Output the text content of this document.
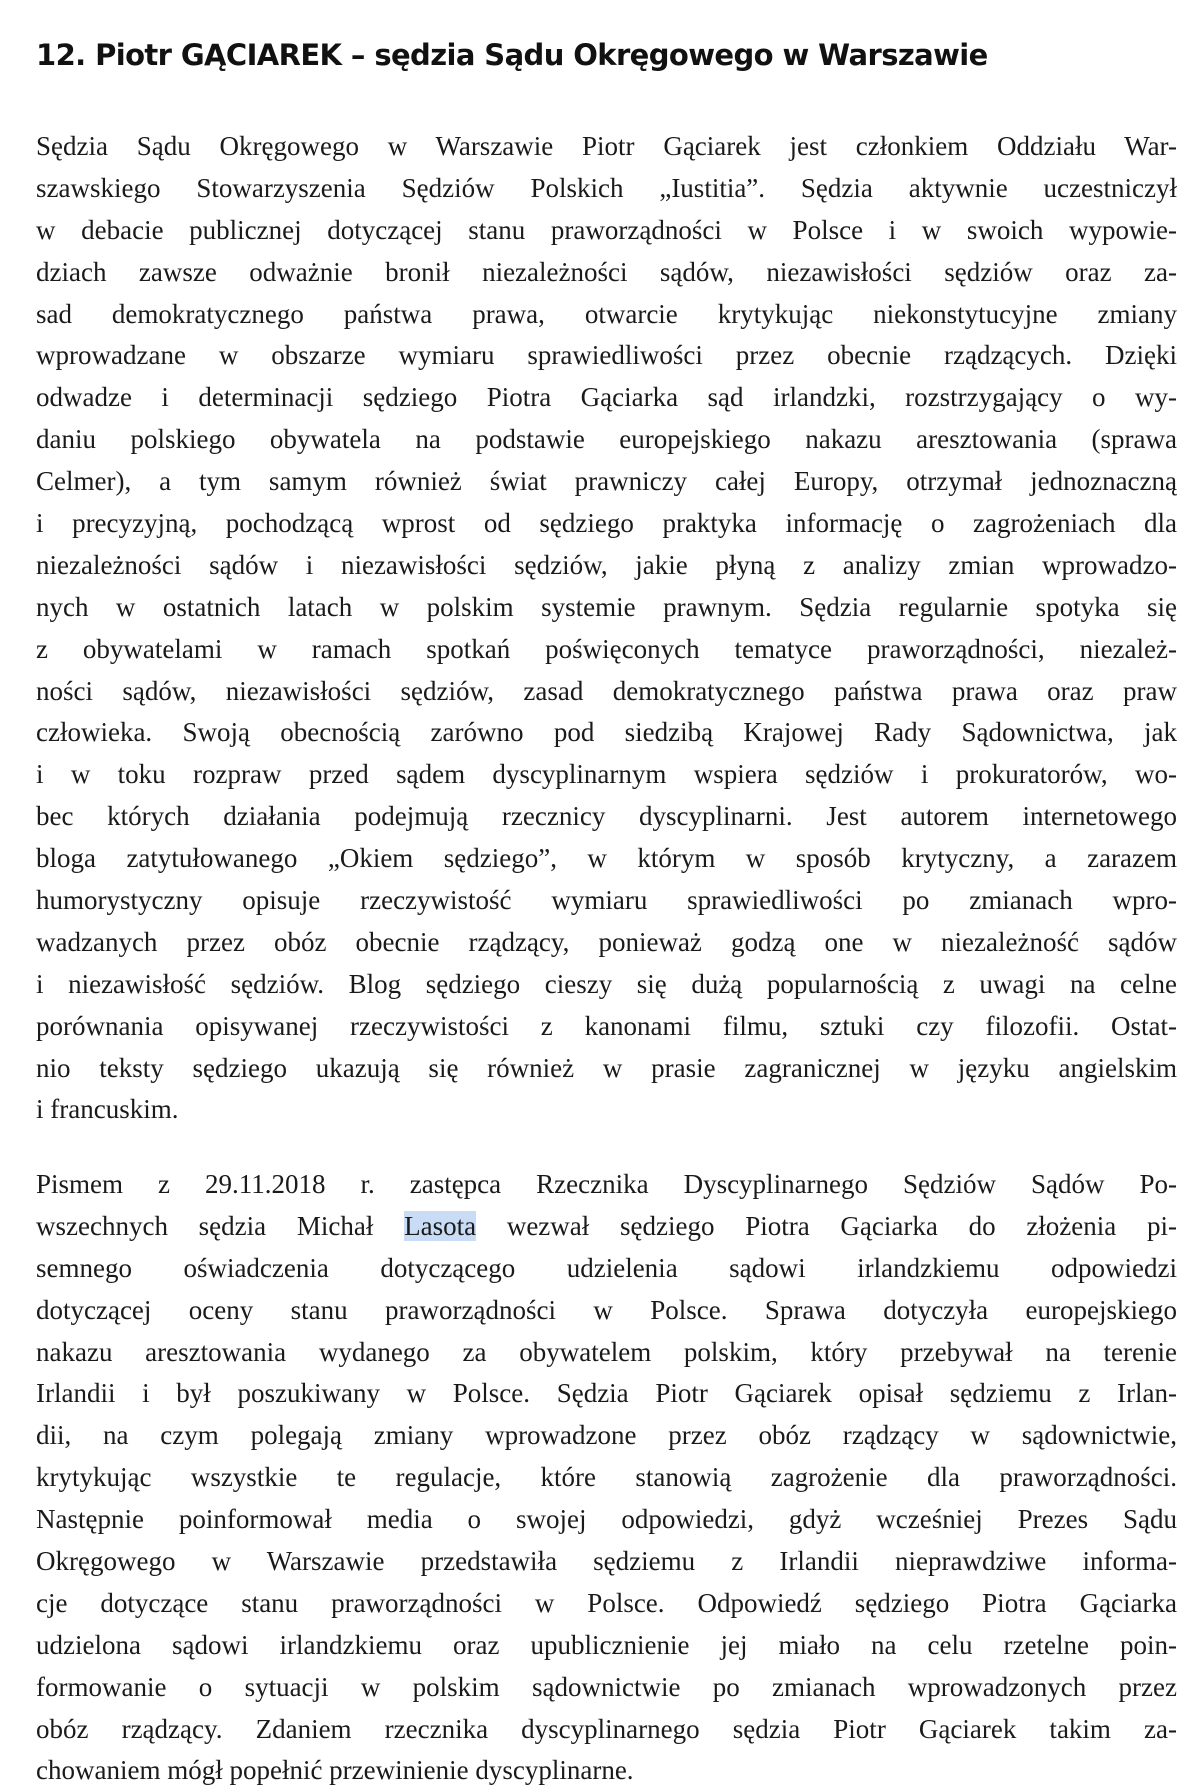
12. Piotr GĄCIAREK – sędzia Sądu Okręgowego w Warszawie
Sędzia Sądu Okręgowego w Warszawie Piotr Gąciarek jest członkiem Oddziału War-
szawskiego Stowarzyszenia Sędziów Polskich „Iustitia”. Sędzia aktywnie uczestniczył
w debacie publicznej dotyczącej stanu praworządności w Polsce i w swoich wypowie-
dziach zawsze odważnie bronił niezależności sądów, niezawisłości sędziów oraz za-
sad demokratycznego państwa prawa, otwarcie krytykując niekonstytucyjne zmiany
wprowadzane w obszarze wymiaru sprawiedliwości przez obecnie rządzących. Dzięki
odwadze i determinacji sędziego Piotra Gąciarka sąd irlandzki, rozstrzygający o wy-
daniu polskiego obywatela na podstawie europejskiego nakazu aresztowania (sprawa
Celmer), a tym samym również świat prawniczy całej Europy, otrzymał jednoznaczną
i precyzyjną, pochodzącą wprost od sędziego praktyka informację o zagrożeniach dla
niezależności sądów i niezawisłości sędziów, jakie płyną z analizy zmian wprowadzo-
nych w ostatnich latach w polskim systemie prawnym. Sędzia regularnie spotyka się
z obywatelami w ramach spotkań poświęconych tematyce praworządności, niezależ-
ności sądów, niezawisłości sędziów, zasad demokratycznego państwa prawa oraz praw
człowieka. Swoją obecnością zarówno pod siedzibą Krajowej Rady Sądownictwa, jak
i w toku rozpraw przed sądem dyscyplinarnym wspiera sędziów i prokuratorów, wo-
bec których działania podejmują rzecznicy dyscyplinarni. Jest autorem internetowego
bloga zatytułowanego „Okiem sędziego”, w którym w sposób krytyczny, a zarazem
humorystyczny opisuje rzeczywistość wymiaru sprawiedliwości po zmianach wpro-
wadzanych przez obóz obecnie rządzący, ponieważ godzą one w niezależność sądów
i niezawisłość sędziów. Blog sędziego cieszy się dużą popularnością z uwagi na celne
porównania opisywanej rzeczywistości z kanonami filmu, sztuki czy filozofii. Ostat-
nio teksty sędziego ukazują się również w prasie zagranicznej w języku angielskim
i francuskim.
Pismem z 29.11.2018 r. zastępca Rzecznika Dyscyplinarnego Sędziów Sądów Po-
wszechnych sędzia Michał Lasota wezwał sędziego Piotra Gąciarka do złożenia pi-
semnego oświadczenia dotyczącego udzielenia sądowi irlandzkiemu odpowiedzi
dotyczącej oceny stanu praworządności w Polsce. Sprawa dotyczyła europejskiego
nakazu aresztowania wydanego za obywatelem polskim, który przebywał na terenie
Irlandii i był poszukiwany w Polsce. Sędzia Piotr Gąciarek opisał sędziemu z Irlan-
dii, na czym polegają zmiany wprowadzone przez obóz rządzący w sądownictwie,
krytykując wszystkie te regulacje, które stanowią zagrożenie dla praworządności.
Następnie poinformował media o swojej odpowiedzi, gdyż wcześniej Prezes Sądu
Okręgowego w Warszawie przedstawiła sędziemu z Irlandii nieprawdziwe informa-
cje dotyczące stanu praworządności w Polsce. Odpowiedź sędziego Piotra Gąciarka
udzielona sądowi irlandzkiemu oraz upublicznienie jej miało na celu rzetelne poin-
formowanie o sytuacji w polskim sądownictwie po zmianach wprowadzonych przez
obóz rządzący. Zdaniem rzecznika dyscyplinarnego sędzia Piotr Gąciarek takim za-
chowaniem mógł popełnić przewinienie dyscyplinarne.
